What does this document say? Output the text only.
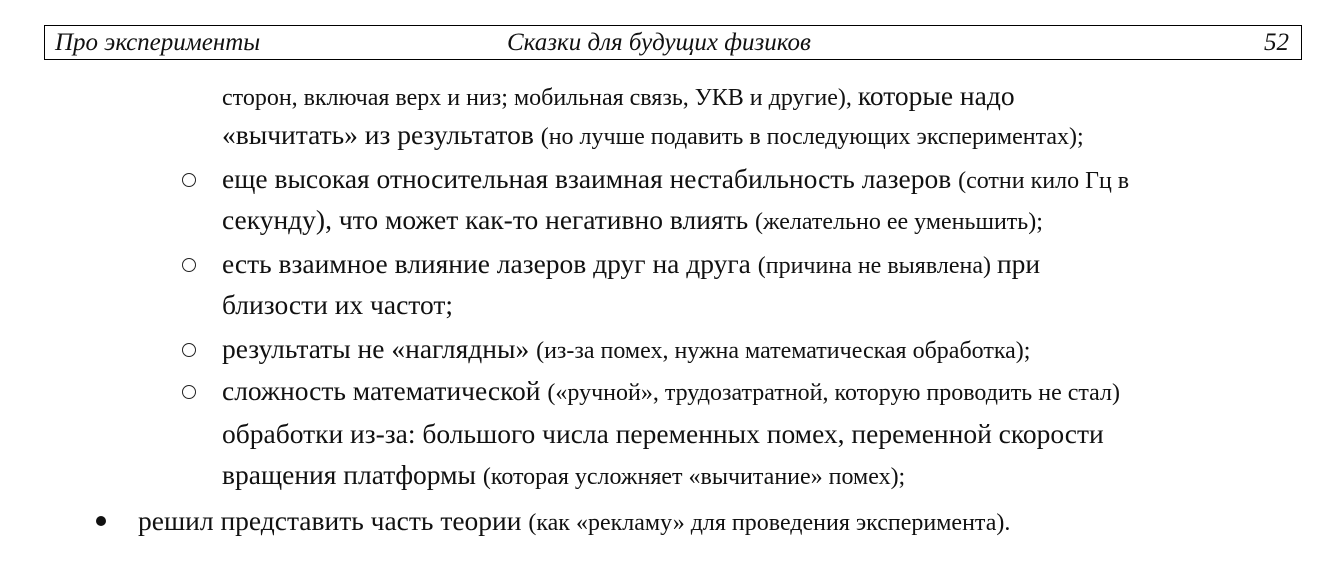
Про эксперименты	Сказки для будущих физиков	52
сторон, включая верх и низ; мобильная связь, УКВ и другие), которые надо
«вычитать» из результатов (но лучше подавить в последующих экспериментах);
еще высокая относительная взаимная нестабильность лазеров (сотни кило Гц в
секунду), что может как-то негативно влиять (желательно ее уменьшить);
есть взаимное влияние лазеров друг на друга (причина не выявлена) при
близости их частот;
результаты не «наглядны» (из-за помех, нужна математическая обработка);
сложность математической («ручной», трудозатратной, которую проводить не стал)
обработки из-за: большого числа переменных помех, переменной скорости
вращения платформы (которая усложняет «вычитание» помех);
решил представить часть теории (как «рекламу» для проведения эксперимента).
